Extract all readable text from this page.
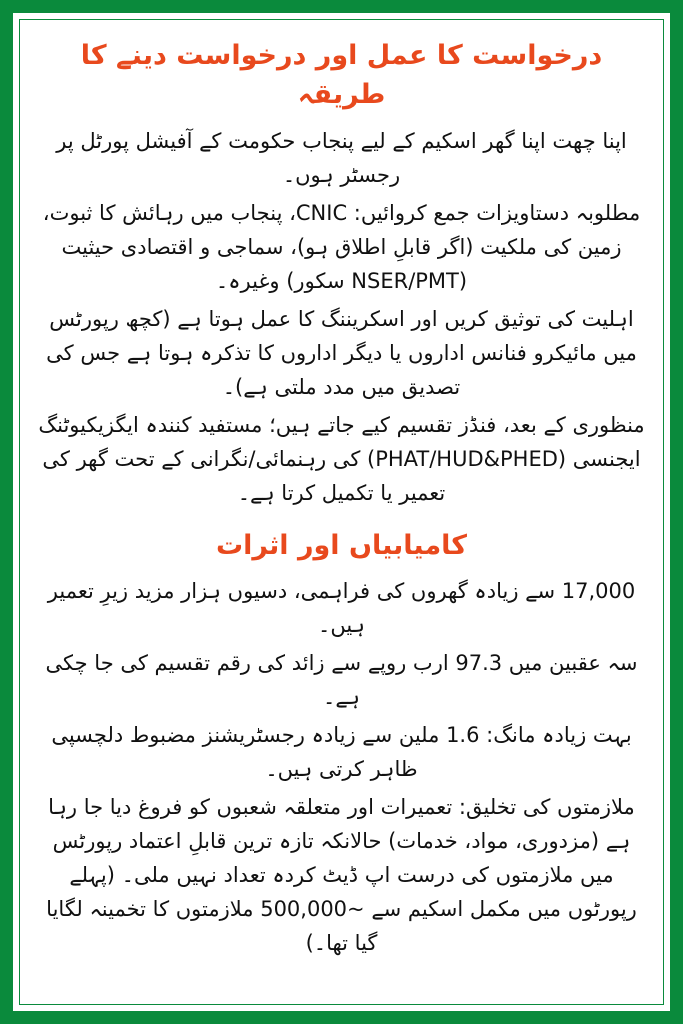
درخواست کا عمل اور درخواست دینے کا طریقہ

اپنا چھت اپنا گھر اسکیم کے لیے پنجاب حکومت کے آفیشل پورٹل پر رجسٹر ہوں۔

مطلوبہ دستاویزات جمع کروائیں: CNIC، پنجاب میں رہائش کا ثبوت، زمین کی ملکیت (اگر قابلِ اطلاق ہو)، سماجی و اقتصادی حیثیت (NSER/PMT سکور) وغیرہ۔

اہلیت کی توثیق کریں اور اسکریننگ کا عمل ہوتا ہے (کچھ رپورٹس میں مائیکرو فنانس اداروں یا دیگر اداروں کا تذکرہ ہوتا ہے جس کی تصدیق میں مدد ملتی ہے)۔

منظوری کے بعد، فنڈز تقسیم کیے جاتے ہیں؛ مستفید کنندہ ایگزیکیوٹنگ ایجنسی (PHAT/HUD&PHED) کی رہنمائی/نگرانی کے تحت گھر کی تعمیر یا تکمیل کرتا ہے۔

کامیابیاں اور اثرات

17,000 سے زیادہ گھروں کی فراہمی، دسیوں ہزار مزید زیرِ تعمیر ہیں۔

سہ عقبین میں 97.3 ارب روپے سے زائد کی رقم تقسیم کی جا چکی ہے۔

بہت زیادہ مانگ: 1.6 ملین سے زیادہ رجسٹریشنز مضبوط دلچسپی ظاہر کرتی ہیں۔

ملازمتوں کی تخلیق: تعمیرات اور متعلقہ شعبوں کو فروغ دیا جا رہا ہے (مزدوری، مواد، خدمات) حالانکہ تازہ ترین قابلِ اعتماد رپورٹس میں ملازمتوں کی درست اپ ڈیٹ کردہ تعداد نہیں ملی۔ (پہلے رپورٹوں میں مکمل اسکیم سے ~500,000 ملازمتوں کا تخمینہ لگایا گیا تھا۔)
